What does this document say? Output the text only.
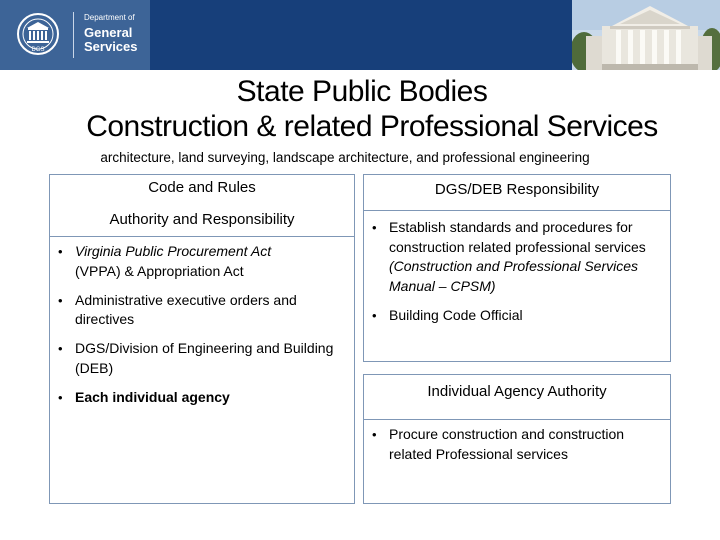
DGS
Department of
General
Services
State Public Bodies
Construction & related Professional Services
architecture, land surveying, landscape architecture, and professional engineering
Code and Rules
Authority and Responsibility
• Virginia Public Procurement Act
(VPPA) & Appropriation Act
• Administrative executive orders and directives
• DGS/Division of Engineering and Building (DEB)
• Each individual agency
DGS/DEB Responsibility
• Establish standards and procedures for construction related professional services (Construction and Professional Services Manual – CPSM)
• Building Code Official
Individual Agency Authority
• Procure construction and construction related Professional services
